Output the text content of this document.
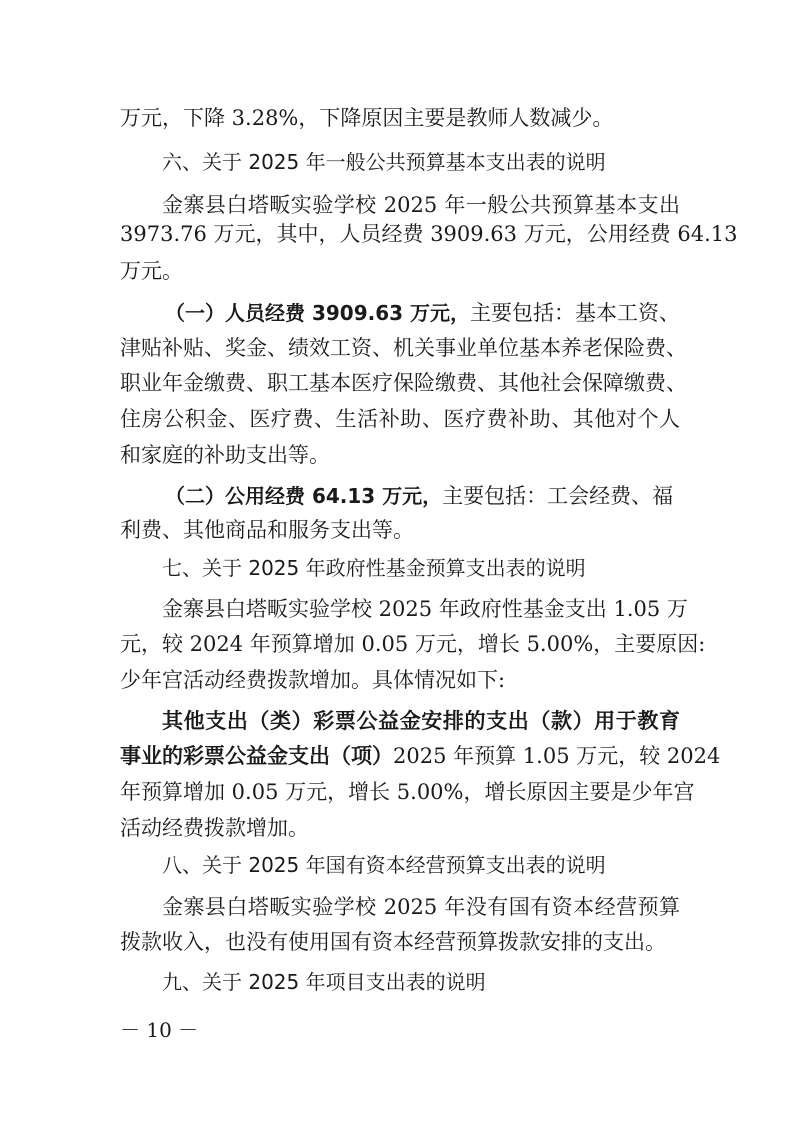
万元，下降 3.28%，下降原因主要是教师人数减少。
六、关于 2025 年一般公共预算基本支出表的说明
金寨县白塔畈实验学校 2025 年一般公共预算基本支出
3973.76 万元，其中，人员经费 3909.63 万元，公用经费 64.13
万元。
（一）人员经费 3909.63 万元，主要包括：基本工资、
津贴补贴、奖金、绩效工资、机关事业单位基本养老保险费、
职业年金缴费、职工基本医疗保险缴费、其他社会保障缴费、
住房公积金、医疗费、生活补助、医疗费补助、其他对个人
和家庭的补助支出等。
（二）公用经费 64.13 万元，主要包括：工会经费、福
利费、其他商品和服务支出等。
七、关于 2025 年政府性基金预算支出表的说明
金寨县白塔畈实验学校 2025 年政府性基金支出 1.05 万
元，较 2024 年预算增加 0.05 万元，增长 5.00%，主要原因:
少年宫活动经费拨款增加。具体情况如下:
其他支出（类）彩票公益金安排的支出（款）用于教育
事业的彩票公益金支出（项）2025 年预算 1.05 万元，较 2024
年预算增加 0.05 万元，增长 5.00%，增长原因主要是少年宫
活动经费拨款增加。
八、关于 2025 年国有资本经营预算支出表的说明
金寨县白塔畈实验学校 2025 年没有国有资本经营预算
拨款收入，也没有使用国有资本经营预算拨款安排的支出。
九、关于 2025 年项目支出表的说明
－ 10 －
